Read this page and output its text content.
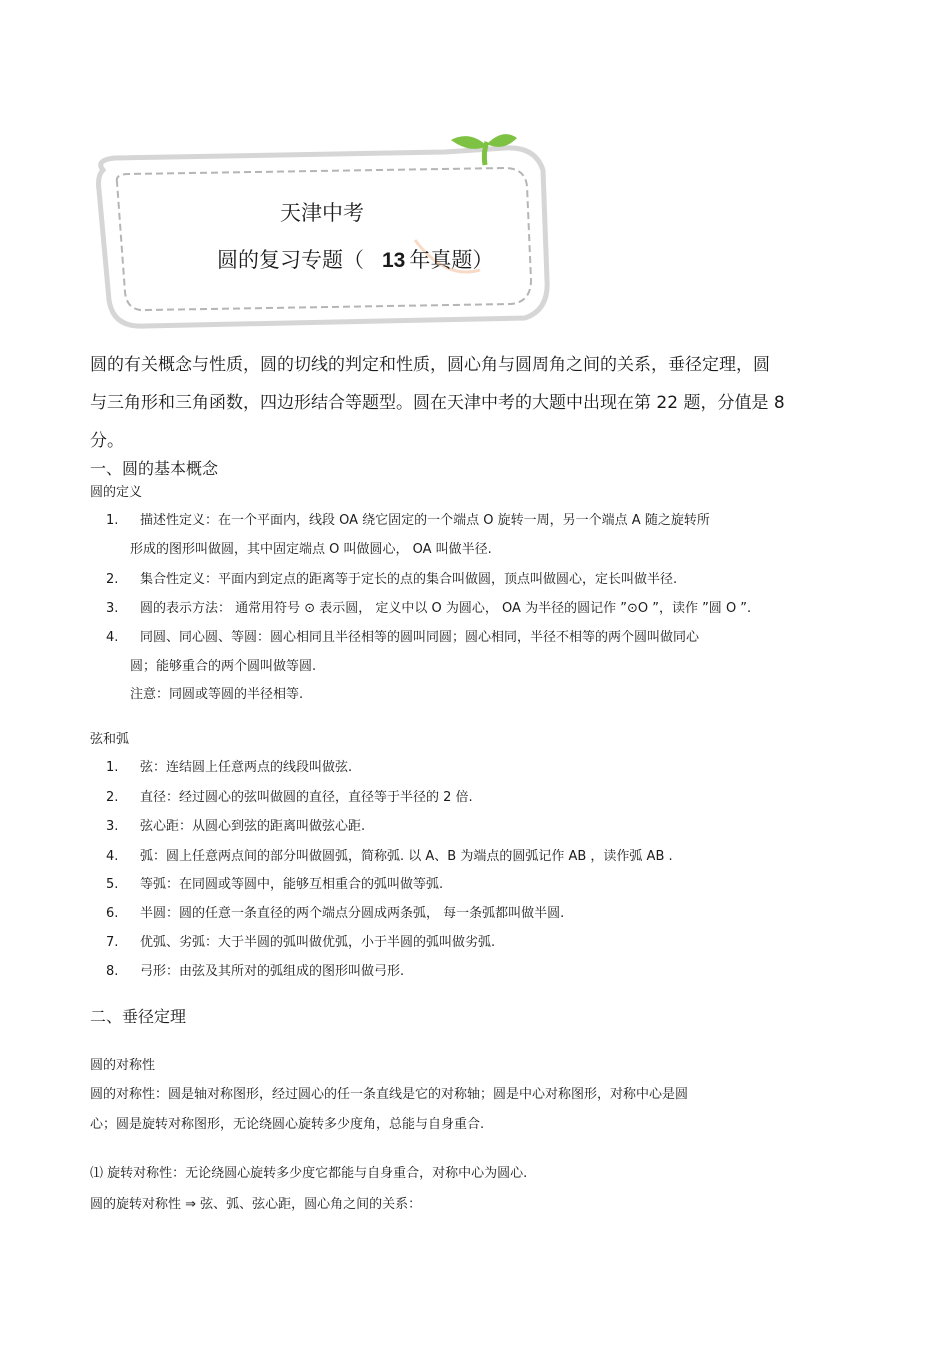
天津中考
圆的复习专题（ 13 年真题）
圆的有关概念与性质，圆的切线的判定和性质，圆心角与圆周角之间的关系，垂径定理，圆
与三角形和三角函数，四边形结合等题型。圆在天津中考的大题中出现在第 22 题，分值是 8
分。
一、圆的基本概念
圆的定义
1. 描述性定义：在一个平面内，线段 OA 绕它固定的一个端点 O 旋转一周，另一个端点 A 随之旋转所
形成的图形叫做圆，其中固定端点 O 叫做圆心， OA 叫做半径.
2. 集合性定义：平面内到定点的距离等于定长的点的集合叫做圆，顶点叫做圆心，定长叫做半径.
3. 圆的表示方法： 通常用符号 ⊙ 表示圆， 定义中以 O 为圆心， OA 为半径的圆记作 ”⊙O ”，读作 ”圆 O ”.
4. 同圆、同心圆、等圆：圆心相同且半径相等的圆叫同圆；圆心相同，半径不相等的两个圆叫做同心
圆；能够重合的两个圆叫做等圆.
注意：同圆或等圆的半径相等.
弦和弧
1. 弦：连结圆上任意两点的线段叫做弦.
2. 直径：经过圆心的弦叫做圆的直径，直径等于半径的 2 倍.
3. 弦心距：从圆心到弦的距离叫做弦心距.
4. 弧：圆上任意两点间的部分叫做圆弧，简称弧. 以 A、B 为端点的圆弧记作 AB ，读作弧 AB .
5. 等弧：在同圆或等圆中，能够互相重合的弧叫做等弧.
6. 半圆：圆的任意一条直径的两个端点分圆成两条弧， 每一条弧都叫做半圆.
7. 优弧、劣弧：大于半圆的弧叫做优弧，小于半圆的弧叫做劣弧.
8. 弓形：由弦及其所对的弧组成的图形叫做弓形.
二、垂径定理
圆的对称性
圆的对称性：圆是轴对称图形，经过圆心的任一条直线是它的对称轴；圆是中心对称图形，对称中心是圆
心；圆是旋转对称图形，无论绕圆心旋转多少度角，总能与自身重合.
⑴ 旋转对称性：无论绕圆心旋转多少度它都能与自身重合，对称中心为圆心.
圆的旋转对称性 ⇒ 弦、弧、弦心距，圆心角之间的关系：
